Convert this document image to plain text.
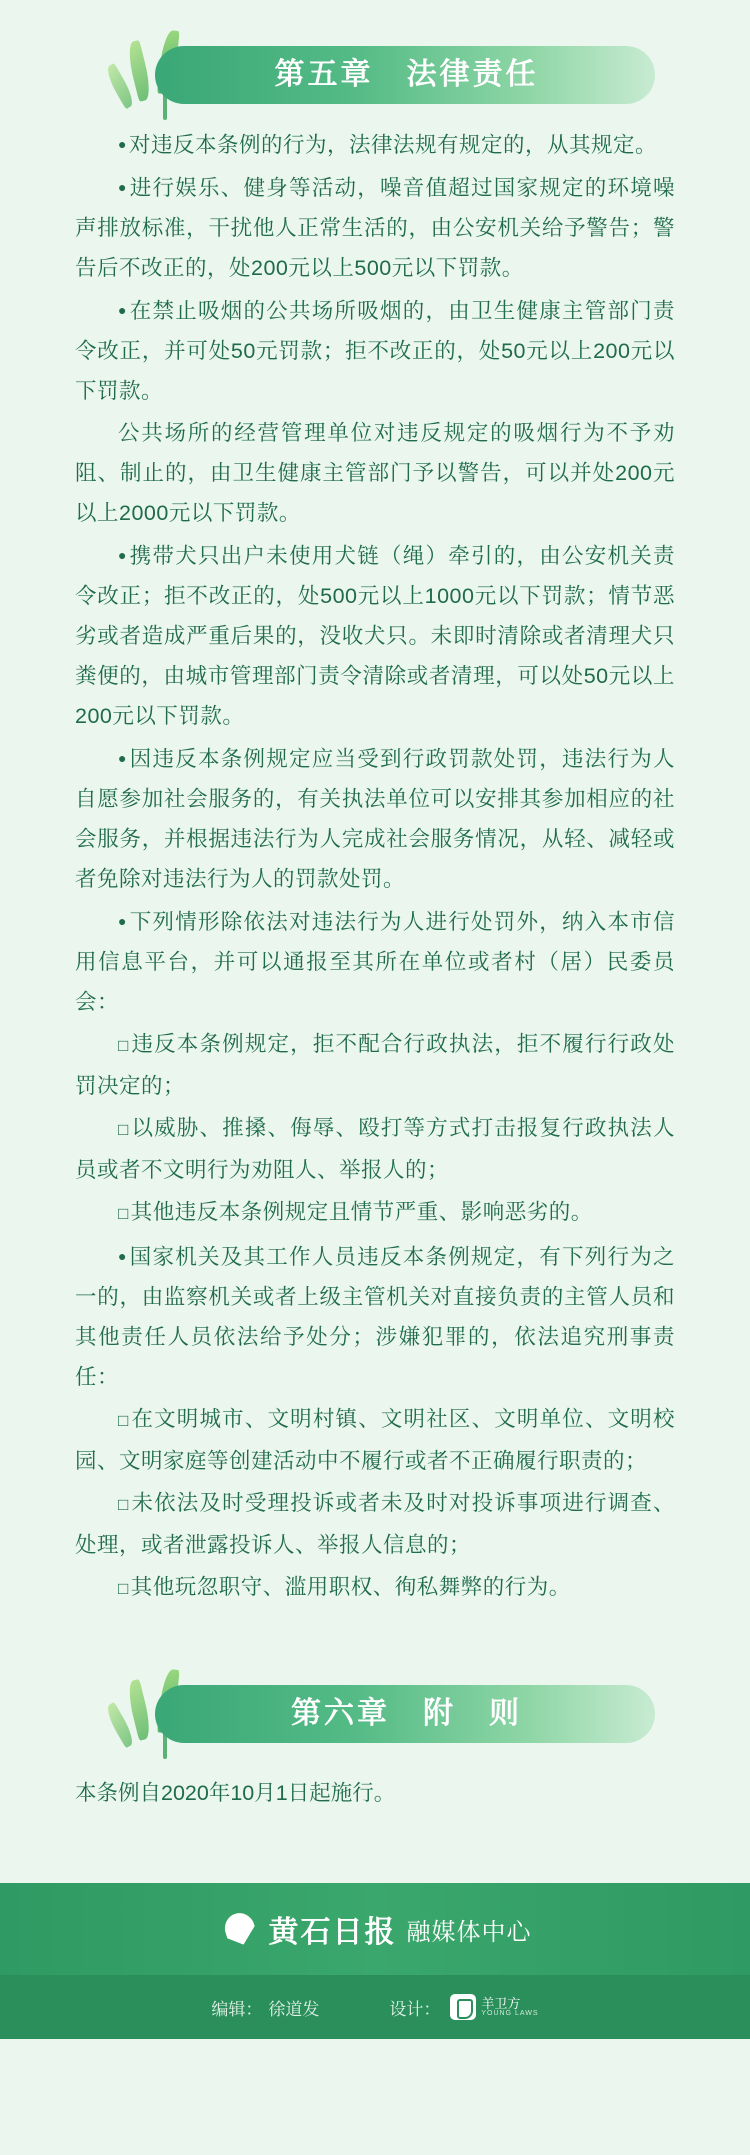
第五章　法律责任

● 对违反本条例的行为，法律法规有规定的，从其规定。

● 进行娱乐、健身等活动，噪音值超过国家规定的环境噪声排放标准，干扰他人正常生活的，由公安机关给予警告；警告后不改正的，处200元以上500元以下罚款。

● 在禁止吸烟的公共场所吸烟的，由卫生健康主管部门责令改正，并可处50元罚款；拒不改正的，处50元以上200元以下罚款。

公共场所的经营管理单位对违反规定的吸烟行为不予劝阻、制止的，由卫生健康主管部门予以警告，可以并处200元以上2000元以下罚款。

● 携带犬只出户未使用犬链（绳）牵引的，由公安机关责令改正；拒不改正的，处500元以上1000元以下罚款；情节恶劣或者造成严重后果的，没收犬只。未即时清除或者清理犬只粪便的，由城市管理部门责令清除或者清理，可以处50元以上200元以下罚款。

● 因违反本条例规定应当受到行政罚款处罚，违法行为人自愿参加社会服务的，有关执法单位可以安排其参加相应的社会服务，并根据违法行为人完成社会服务情况，从轻、减轻或者免除对违法行为人的罚款处罚。

● 下列情形除依法对违法行为人进行处罚外，纳入本市信用信息平台，并可以通报至其所在单位或者村（居）民委员会：

□ 违反本条例规定，拒不配合行政执法，拒不履行行政处罚决定的；

□ 以威胁、推搡、侮辱、殴打等方式打击报复行政执法人员或者不文明行为劝阻人、举报人的；

□ 其他违反本条例规定且情节严重、影响恶劣的。

● 国家机关及其工作人员违反本条例规定，有下列行为之一的，由监察机关或者上级主管机关对直接负责的主管人员和其他责任人员依法给予处分；涉嫌犯罪的，依法追究刑事责任：

□ 在文明城市、文明村镇、文明社区、文明单位、文明校园、文明家庭等创建活动中不履行或者不正确履行职责的；

□ 未依法及时受理投诉或者未及时对投诉事项进行调查、处理，或者泄露投诉人、举报人信息的；

□ 其他玩忽职守、滥用职权、徇私舞弊的行为。

第六章　附　则
本条例自2020年10月1日起施行。
黄石日报 融媒体中心
编辑： 徐道发	设计：	羊卫方
YOUNG LAWS
